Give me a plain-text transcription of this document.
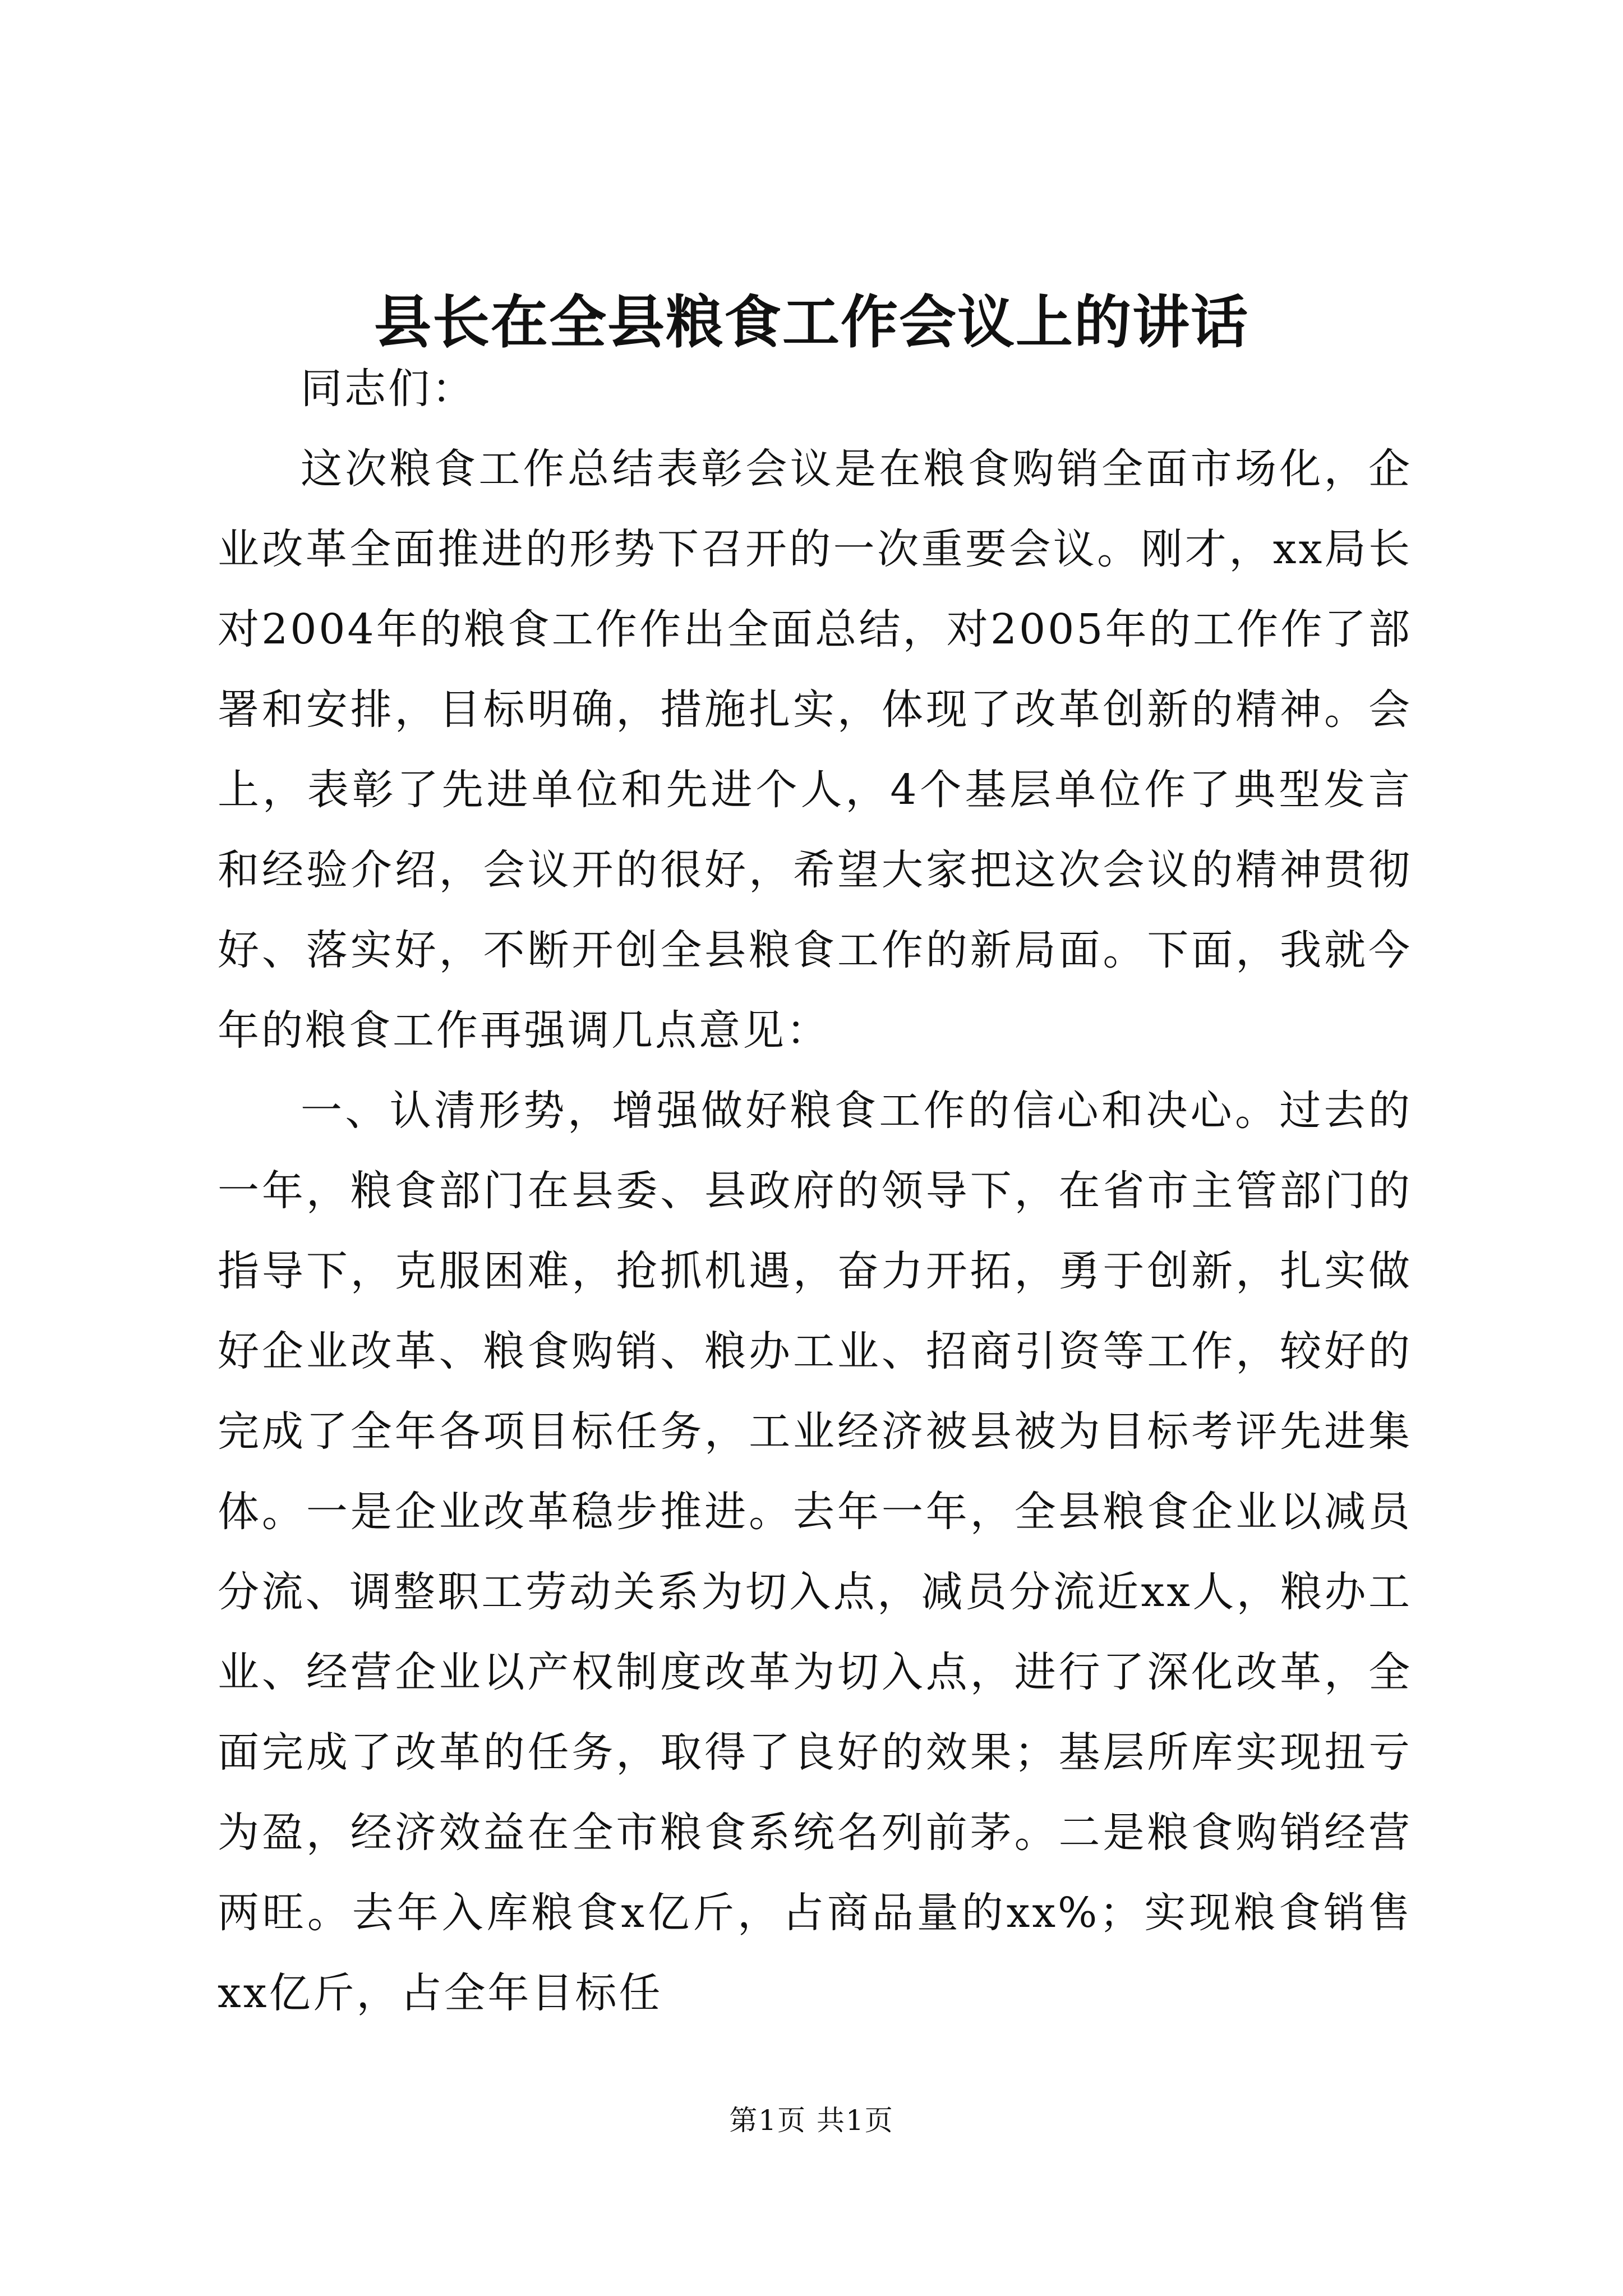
县长在全县粮食工作会议上的讲话

同志们：

这次粮食工作总结表彰会议是在粮食购销全面市场化，企业改革全面推进的形势下召开的一次重要会议。刚才，xx局长对2004年的粮食工作作出全面总结，对2005年的工作作了部署和安排，目标明确，措施扎实，体现了改革创新的精神。会上，表彰了先进单位和先进个人，4个基层单位作了典型发言和经验介绍，会议开的很好，希望大家把这次会议的精神贯彻好、落实好，不断开创全县粮食工作的新局面。下面，我就今年的粮食工作再强调几点意见：

一、认清形势，增强做好粮食工作的信心和决心。过去的一年，粮食部门在县委、县政府的领导下，在省市主管部门的指导下，克服困难，抢抓机遇，奋力开拓，勇于创新，扎实做好企业改革、粮食购销、粮办工业、招商引资等工作，较好的完成了全年各项目标任务，工业经济被县被为目标考评先进集体。一是企业改革稳步推进。去年一年，全县粮食企业以减员分流、调整职工劳动关系为切入点，减员分流近xx人，粮办工业、经营企业以产权制度改革为切入点，进行了深化改革，全面完成了改革的任务，取得了良好的效果；基层所库实现扭亏为盈，经济效益在全市粮食系统名列前茅。二是粮食购销经营两旺。去年入库粮食x亿斤，占商品量的xx%；实现粮食销售xx亿斤，占全年目标任

第1页 共1页
